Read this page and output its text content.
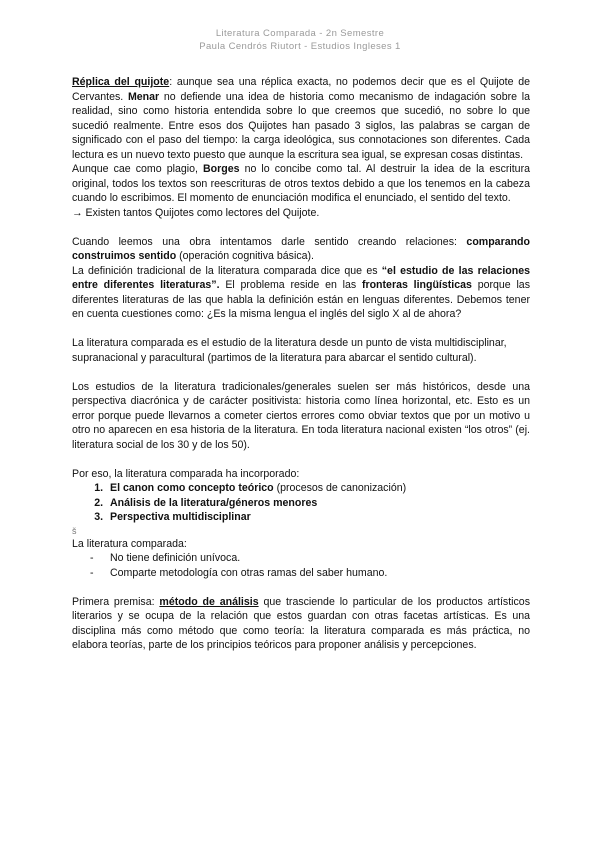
Literatura Comparada - 2n Semestre
Paula Cendrós Riutort - Estudios Ingleses 1

Réplica del quijote: aunque sea una réplica exacta, no podemos decir que es el Quijote de Cervantes. Menar no defiende una idea de historia como mecanismo de indagación sobre la realidad, sino como historia entendida sobre lo que creemos que sucedió, no sobre lo que sucedió realmente. Entre esos dos Quijotes han pasado 3 siglos, las palabras se cargan de significado con el paso del tiempo: la carga ideológica, sus connotaciones son diferentes. Cada lectura es un nuevo texto puesto que aunque la escritura sea igual, se expresan cosas distintas.

Aunque cae como plagio, Borges no lo concibe como tal. Al destruir la idea de la escritura original, todos los textos son reescrituras de otros textos debido a que los tenemos en la cabeza cuando lo escribimos. El momento de enunciación modifica el enunciado, el sentido del texto.

→ Existen tantos Quijotes como lectores del Quijote.

Cuando leemos una obra intentamos darle sentido creando relaciones: comparando construimos sentido (operación cognitiva básica).

La definición tradicional de la literatura comparada dice que es “el estudio de las relaciones entre diferentes literaturas”. El problema reside en las fronteras lingüísticas porque las diferentes literaturas de las que habla la definición están en lenguas diferentes. Debemos tener en cuenta cuestiones como: ¿Es la misma lengua el inglés del siglo X al de ahora?

La literatura comparada es el estudio de la literatura desde un punto de vista multidisciplinar, supranacional y paracultural (partimos de la literatura para abarcar el sentido cultural).

Los estudios de la literatura tradicionales/generales suelen ser más históricos, desde una perspectiva diacrónica y de carácter positivista: historia como línea horizontal, etc. Esto es un error porque puede llevarnos a cometer ciertos errores como obviar textos que por un motivo u otro no aparecen en esa historia de la literatura. En toda literatura nacional existen “los otros” (ej. literatura social de los 30 y de los 50).

Por eso, la literatura comparada ha incorporado:

1. El canon como concepto teórico (procesos de canonización)
2. Análisis de la literatura/géneros menores
3. Perspectiva multidisciplinar

š

La literatura comparada:

- No tiene definición unívoca.
- Comparte metodología con otras ramas del saber humano.

Primera premisa: método de análisis que trasciende lo particular de los productos artísticos literarios y se ocupa de la relación que estos guardan con otras facetas artísticas. Es una disciplina más como método que como teoría: la literatura comparada es más práctica, no elabora teorías, parte de los principios teóricos para proponer análisis y percepciones.
